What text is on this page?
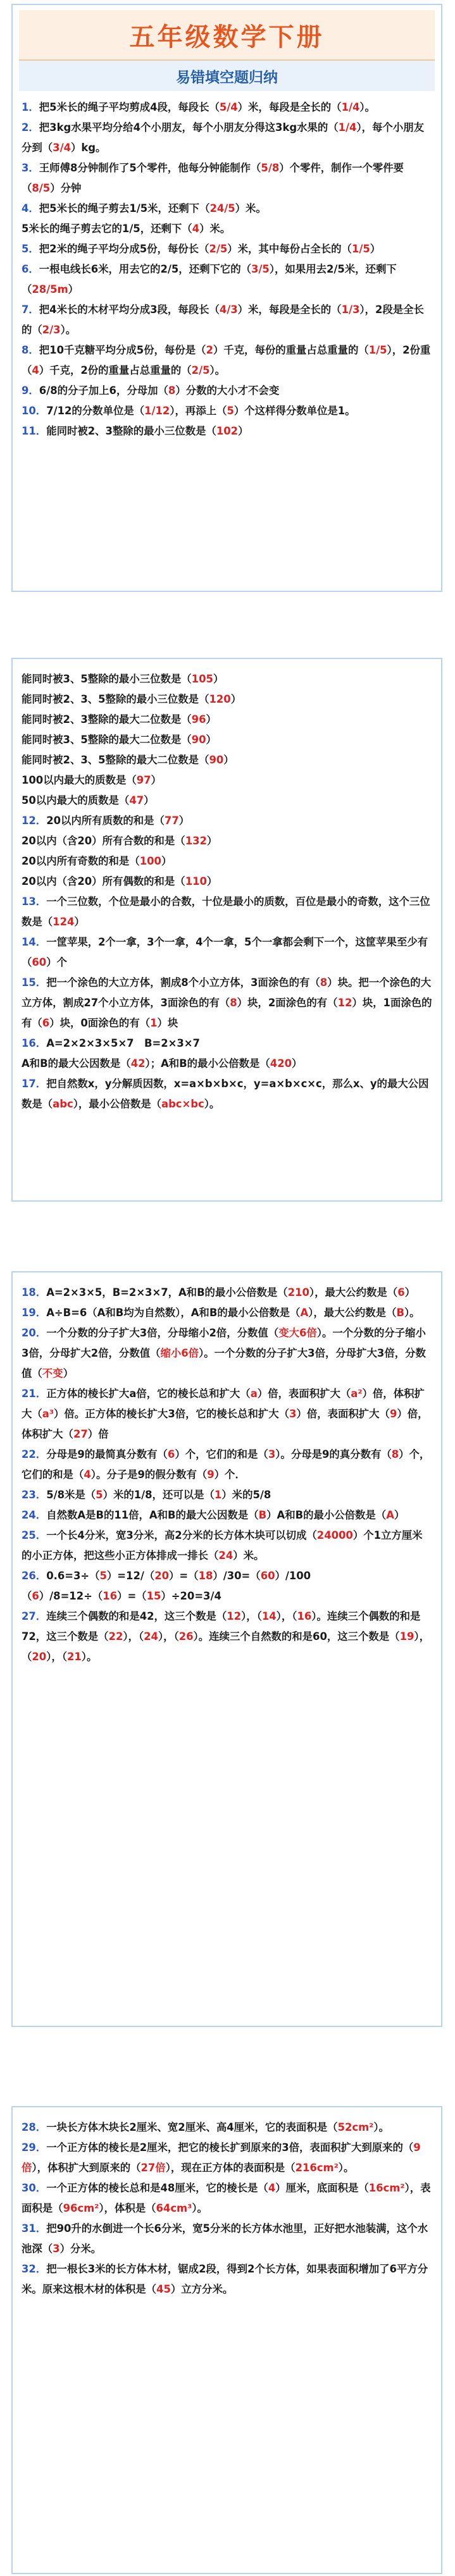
五年级数学下册
易错填空题归纳

1．把5米长的绳子平均剪成4段，每段长（5/4）米，每段是全长的（1/4）。

2．把3kg水果平均分给4个小朋友，每个小朋友分得这3kg水果的（1/4），每个小朋友分到（3/4）kg。

3．王师傅8分钟制作了5个零件，他每分钟能制作（5/8）个零件，制作一个零件要（8/5）分钟

4．把5米长的绳子剪去1/5米，还剩下（24/5）米。

5米长的绳子剪去它的1/5，还剩下（4）米。

5．把2米的绳子平均分成5份，每份长（2/5）米，其中每份占全长的（1/5）

6．一根电线长6米，用去它的2/5，还剩下它的（3/5），如果用去2/5米，还剩下（28/5m）

7．把4米长的木材平均分成3段，每段长（4/3）米，每段是全长的（1/3），2段是全长的（2/3）。

8．把10千克糖平均分成5份，每份是（2）千克，每份的重量占总重量的（1/5），2份重（4）千克，2份的重量占总重量的（2/5）。

9．6/8的分子加上6，分母加（8）分数的大小才不会变

10．7/12的分数单位是（1/12），再添上（5）个这样得分数单位是1。

11．能同时被2、3整除的最小三位数是（102）

能同时被3、5整除的最小三位数是（105）

能同时被2、3、5整除的最小三位数是（120）

能同时被2、3整除的最大二位数是（96）

能同时被3、5整除的最大二位数是（90）

能同时被2、3、5整除的最大二位数是（90）

100以内最大的质数是（97）

50以内最大的质数是（47）

12．20以内所有质数的和是（77）

20以内（含20）所有合数的和是（132）

20以内所有奇数的和是（100）

20以内（含20）所有偶数的和是（110）

13．一个三位数，个位是最小的合数，十位是最小的质数，百位是最小的奇数，这个三位数是（124）

14．一筐苹果，2个一拿，3个一拿，4个一拿，5个一拿都会剩下一个，这筐苹果至少有（60）个

15．把一个涂色的大立方体，割成8个小立方体，3面涂色的有（8）块。把一个涂色的大立方体，割成27个小立方体，3面涂色的有（8）块，2面涂色的有（12）块，1面涂色的有（6）块，0面涂色的有（1）块

16．A=2×2×3×5×7　B=2×3×7

A和B的最大公因数是（42）；A和B的最小公倍数是（420）

17．把自然数x，y分解质因数，x=a×b×b×c，y=a×b×c×c，那么x、y的最大公因数是（abc），最小公倍数是（abc×bc）。

18．A=2×3×5，B=2×3×7，A和B的最小公倍数是（210），最大公约数是（6）

19．A÷B=6（A和B均为自然数），A和B的最小公倍数是（A），最大公约数是（B）。

20．一个分数的分子扩大3倍，分母缩小2倍，分数值（变大6倍）。一个分数的分子缩小3倍，分母扩大2倍，分数值（缩小6倍）。一个分数的分子扩大3倍，分母扩大3倍，分数值（不变）

21．正方体的棱长扩大a倍，它的棱长总和扩大（a）倍，表面积扩大（a²）倍，体积扩大（a³）倍。正方体的棱长扩大3倍，它的棱长总和扩大（3）倍，表面积扩大（9）倍，体积扩大（27）倍

22．分母是9的最简真分数有（6）个，它们的和是（3）。分母是9的真分数有（8）个，它们的和是（4）。分子是9的假分数有（9）个．

23．5/8米是（5）米的1/8，还可以是（1）米的5/8

24．自然数A是B的11倍，A和B的最大公因数是（B）A和B的最小公倍数是（A）

25．一个长4分米，宽3分米，高2分米的长方体木块可以切成（24000）个1立方厘米的小正方体，把这些小正方体排成一排长（24）米。

26．0.6=3÷（5）=12/（20）=（18）/30=（60）/100

（6）/8=12÷（16）=（15）÷20=3/4

27．连续三个偶数的和是42，这三个数是（12），（14），（16）。连续三个偶数的和是72，这三个数是（22），（24），（26）。连续三个自然数的和是60，这三个数是（19），（20），（21）。

28．一块长方体木块长2厘米、宽2厘米、高4厘米，它的表面积是（52cm²）。

29．一个正方体的棱长是2厘米，把它的棱长扩到原来的3倍，表面积扩大到原来的（9倍），体积扩大到原来的（27倍），现在正方体的表面积是（216cm²）。

30．一个正方体的棱长总和是48厘米，它的棱长是（4）厘米，底面积是（16cm²），表面积是（96cm²），体积是（64cm³）。

31．把90升的水倒进一个长6分米，宽5分米的长方体水池里，正好把水池装满，这个水池深（3）分米。

32．把一根长3米的长方体木材，锯成2段，得到2个长方体，如果表面积增加了6平方分米。原来这根木材的体积是（45）立方分米。
